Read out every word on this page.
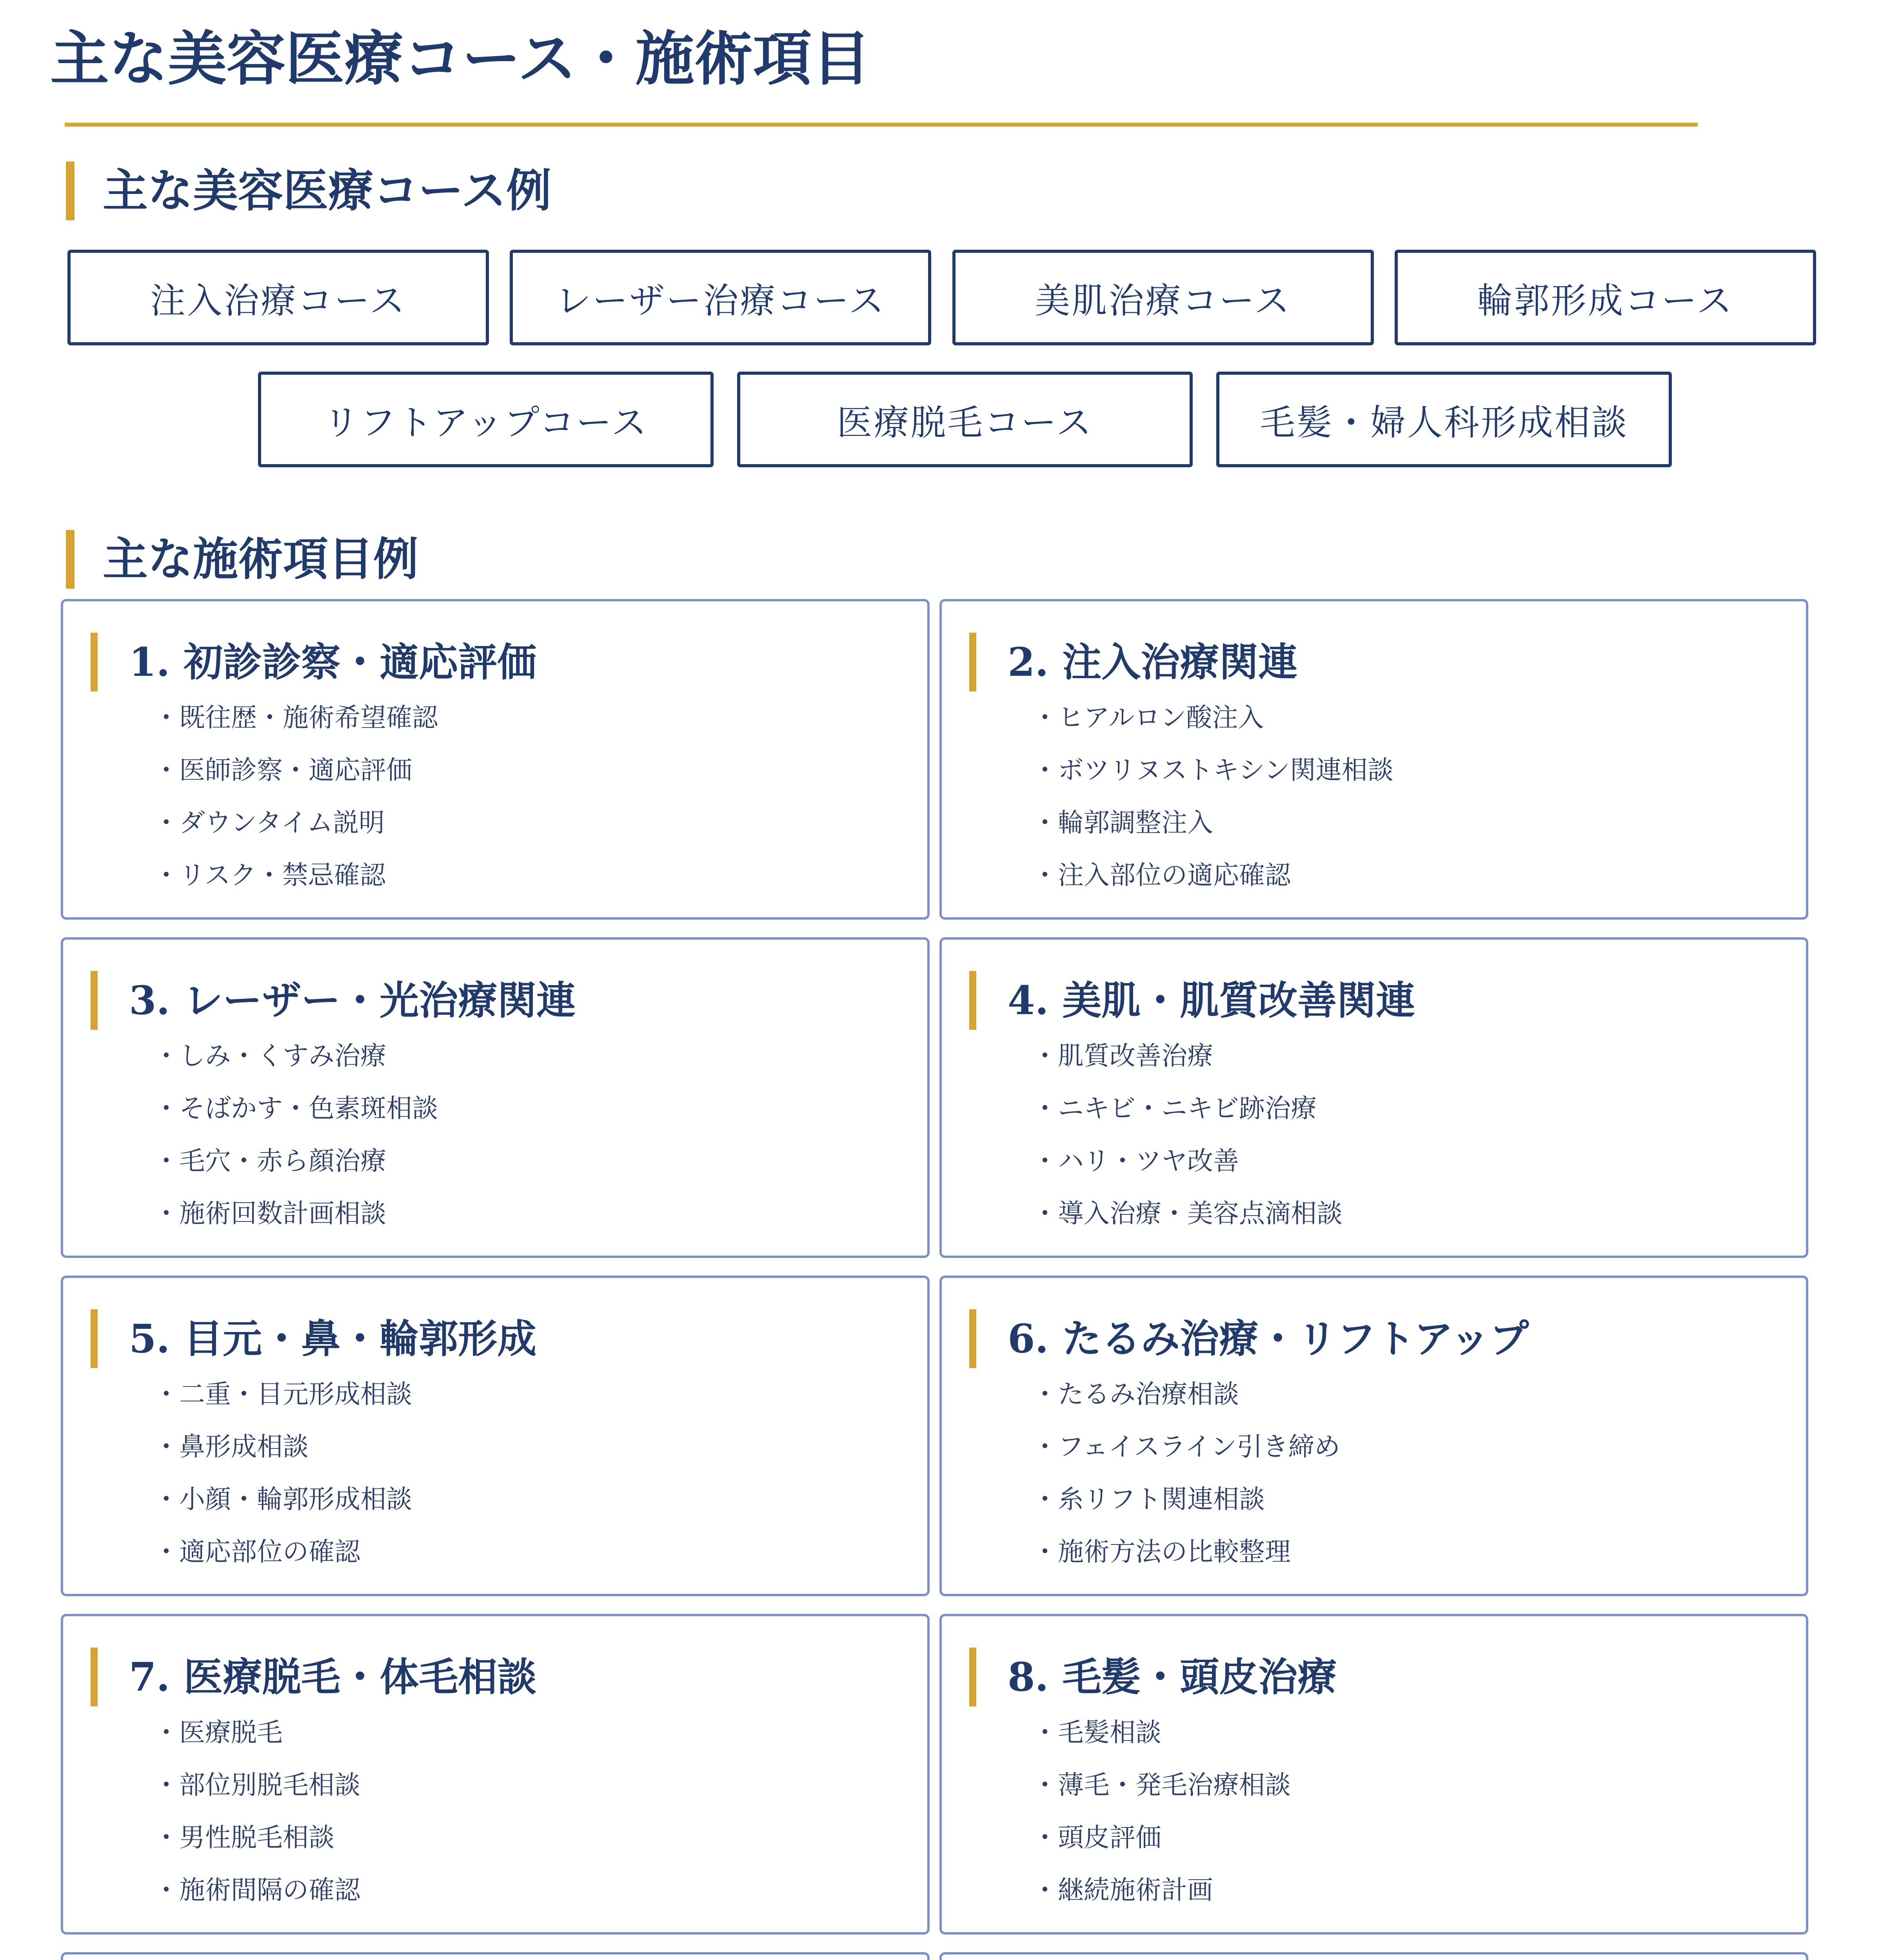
主な美容医療コース・施術項目
主な美容医療コース例
注入治療コース	レーザー治療コース	美肌治療コース	輪郭形成コース
リフトアップコース	医療脱毛コース	毛髪・婦人科形成相談
主な施術項目例
1. 初診診察・適応評価
・既往歴・施術希望確認
・医師診察・適応評価
・ダウンタイム説明
・リスク・禁忌確認
2. 注入治療関連
・ヒアルロン酸注入
・ボツリヌストキシン関連相談
・輪郭調整注入
・注入部位の適応確認
3. レーザー・光治療関連
・しみ・くすみ治療
・そばかす・色素斑相談
・毛穴・赤ら顔治療
・施術回数計画相談
4. 美肌・肌質改善関連
・肌質改善治療
・ニキビ・ニキビ跡治療
・ハリ・ツヤ改善
・導入治療・美容点滴相談
5. 目元・鼻・輪郭形成
・二重・目元形成相談
・鼻形成相談
・小顔・輪郭形成相談
・適応部位の確認
6. たるみ治療・リフトアップ
・たるみ治療相談
・フェイスライン引き締め
・糸リフト関連相談
・施術方法の比較整理
7. 医療脱毛・体毛相談
・医療脱毛
・部位別脱毛相談
・男性脱毛相談
・施術間隔の確認
8. 毛髪・頭皮治療
・毛髪相談
・薄毛・発毛治療相談
・頭皮評価
・継続施術計画
